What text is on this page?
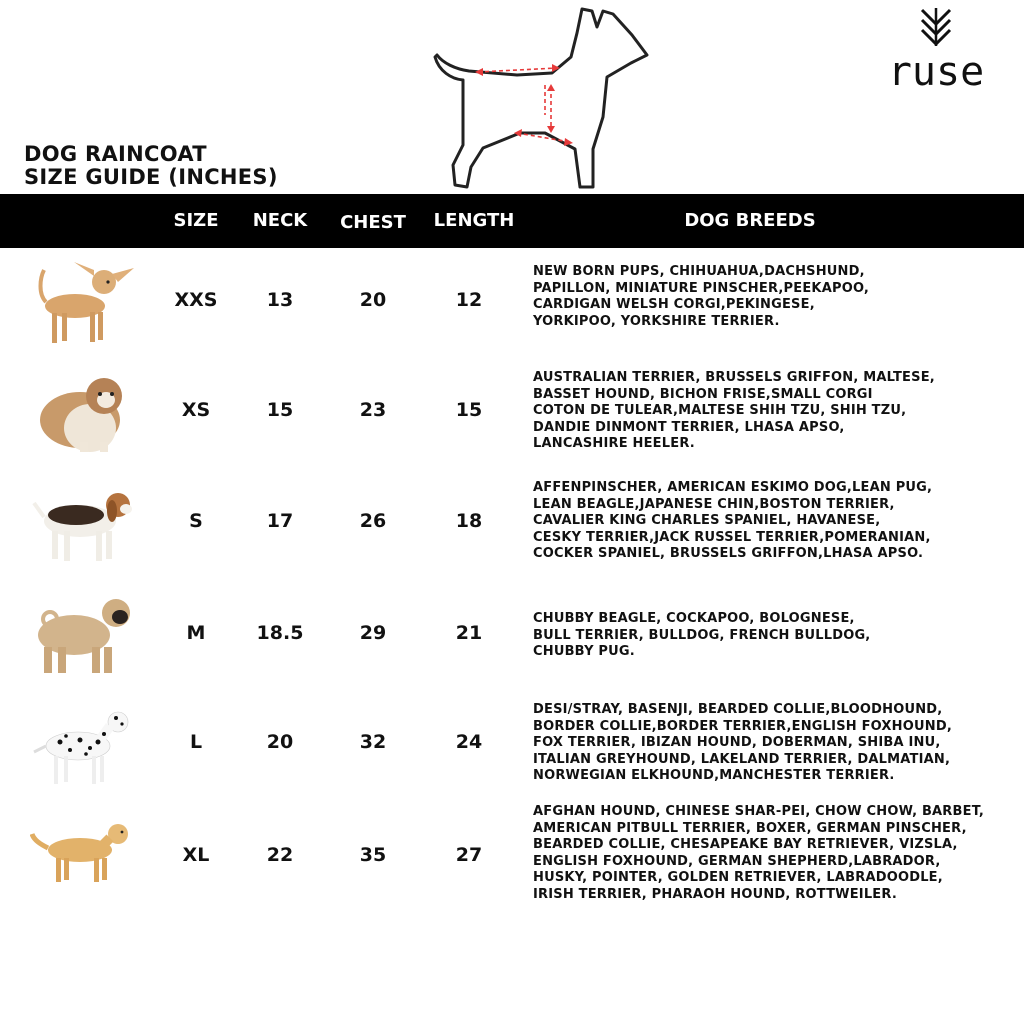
DOG RAINCOAT
SIZE GUIDE (INCHES)
ruse
SIZE	NECK	CHEST	LENGTH	DOG BREEDS
XXS	13	20	12
NEW BORN PUPS, CHIHUAHUA,DACHSHUND,
PAPILLON, MINIATURE PINSCHER,PEEKAPOO,
CARDIGAN WELSH CORGI,PEKINGESE,
YORKIPOO, YORKSHIRE TERRIER.
XS	15	23	15
AUSTRALIAN TERRIER, BRUSSELS GRIFFON, MALTESE,
BASSET HOUND, BICHON FRISE,SMALL CORGI
COTON DE TULEAR,MALTESE SHIH TZU, SHIH TZU,
DANDIE DINMONT TERRIER, LHASA APSO,
LANCASHIRE HEELER.
S	17	26	18
AFFENPINSCHER, AMERICAN ESKIMO DOG,LEAN PUG,
LEAN BEAGLE,JAPANESE CHIN,BOSTON TERRIER,
CAVALIER KING CHARLES SPANIEL, HAVANESE,
CESKY TERRIER,JACK RUSSEL TERRIER,POMERANIAN,
COCKER SPANIEL, BRUSSELS GRIFFON,LHASA APSO.
M	18.5	29	21
CHUBBY BEAGLE, COCKAPOO, BOLOGNESE,
BULL TERRIER, BULLDOG, FRENCH BULLDOG,
CHUBBY PUG.
L	20	32	24
DESI/STRAY, BASENJI, BEARDED COLLIE,BLOODHOUND,
BORDER COLLIE,BORDER TERRIER,ENGLISH FOXHOUND,
FOX TERRIER, IBIZAN HOUND, DOBERMAN, SHIBA INU,
ITALIAN GREYHOUND, LAKELAND TERRIER, DALMATIAN,
NORWEGIAN ELKHOUND,MANCHESTER TERRIER.
XL	22	35	27
AFGHAN HOUND, CHINESE SHAR-PEI, CHOW CHOW, BARBET,
AMERICAN PITBULL TERRIER, BOXER, GERMAN PINSCHER,
BEARDED COLLIE, CHESAPEAKE BAY RETRIEVER, VIZSLA,
ENGLISH FOXHOUND, GERMAN SHEPHERD,LABRADOR,
HUSKY, POINTER, GOLDEN RETRIEVER, LABRADOODLE,
IRISH TERRIER, PHARAOH HOUND, ROTTWEILER.
